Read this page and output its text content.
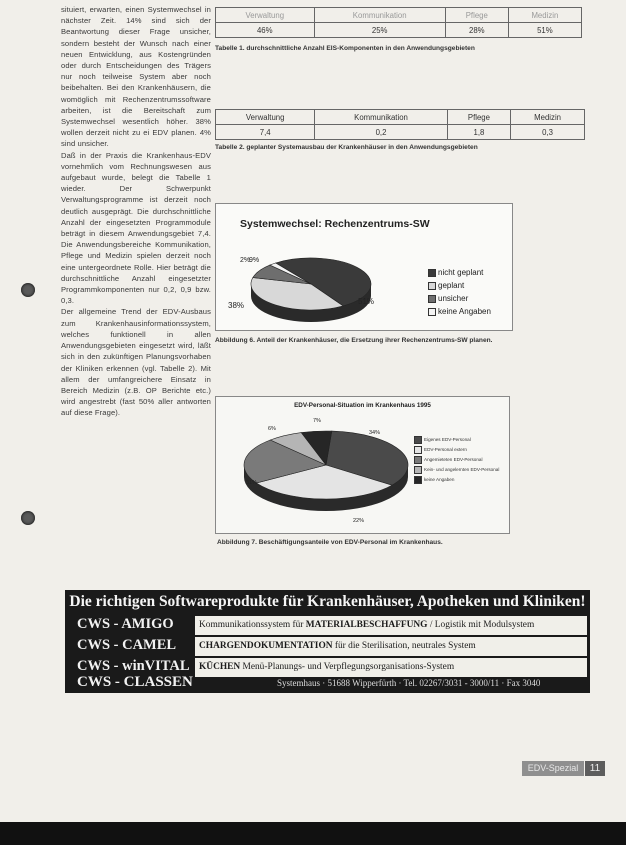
situiert, erwarten, einen Systemwechsel in nächster Zeit. 14% sind sich der Beantwortung dieser Frage unsicher, sondern besteht der Wunsch nach einer neuen Entwicklung, aus Kostengründen oder durch Entscheidungen des Trägers nur noch teilweise System aber noch beibehalten. Bei den Krankenhäusern, die womöglich mit Rechenzentrumssoftware arbeiten, ist die Bereitschaft zum Systemwechsel wesentlich höher. 38% wollen derzeit nicht zu ei EDV planen. 4% sind unsicher.

Daß in der Praxis die Krankenhaus-EDV vornehmlich vom Rechnungswesen aus aufgebaut wurde, belegt die Tabelle 1 wieder. Der Schwerpunkt Verwaltungsprogramme ist derzeit noch deutlich ausgeprägt. Die durchschnittliche Anzahl der eingesetzten Programmodule beträgt in diesem Anwendungsgebiet 7,4. Die Anwendungsbereiche Kommunikation, Pflege und Medizin spielen derzeit noch eine untergeordnete Rolle. Hier beträgt die durchschnittliche Anzahl eingesetzter Programmkomponenten nur 0,2, 0,9 bzw. 0,3.

Der allgemeine Trend der EDV-Ausbaus zum Krankenhausinformationssystem, welches funktionell in allen Anwendungsgebieten eingesetzt wird, läßt sich in den zukünftigen Planungsvorhaben der Kliniken erkennen (vgl. Tabelle 2). Mit allem der umfangreichere Einsatz in Bereich Medizin (z.B. OP Berichte etc.) wird angestrebt (fast 50% aller antworten auf diese Frage).

Verwaltung	Kommunikation	Pflege	Medizin
46%	25%	28%	51%
Tabelle 1. durchschnittliche Anzahl EIS-Komponenten in den Anwendungsgebieten
Verwaltung	Kommunikation	Pflege	Medizin
7,4	0,2	1,8	0,3
Tabelle 2. geplanter Systemausbau der Krankenhäuser in den Anwendungsgebieten
Systemwechsel: Rechenzentrums-SW
51%
38%
9%
2%
nicht geplant
geplant
unsicher
keine Angaben
Abbildung 6. Anteil der Krankenhäuser, die Ersetzung ihrer Rechenzentrums-SW planen.
EDV-Personal-Situation im Krankenhaus 1995
34%
31%
22%
7%
6%
Eigenes EDV-Personal
EDV-Personal extern
Angemieteten EDV-Personal
Kein- und angelernten EDV-Personal
keine Angaben
Abbildung 7. Beschäftigungsanteile von EDV-Personal im Krankenhaus.
Die richtigen Softwareprodukte für Krankenhäuser, Apotheken und Kliniken!
CWS - AMIGO	Kommunikationssystem für MATERIALBESCHAFFUNG / Logistik mit Modulsystem
CWS - CAMEL CHARGENDOKUMENTATION für die Sterilisation, neutrales System
CWS - winVITAL KÜCHEN Menü-Planungs- und Verpflegungsorganisations-System
CWS - CLASSEN	Systemhaus · 51688 Wipperfürth · Tel. 02267/3031 - 3000/11 · Fax 3040
EDV-Spezial	11
